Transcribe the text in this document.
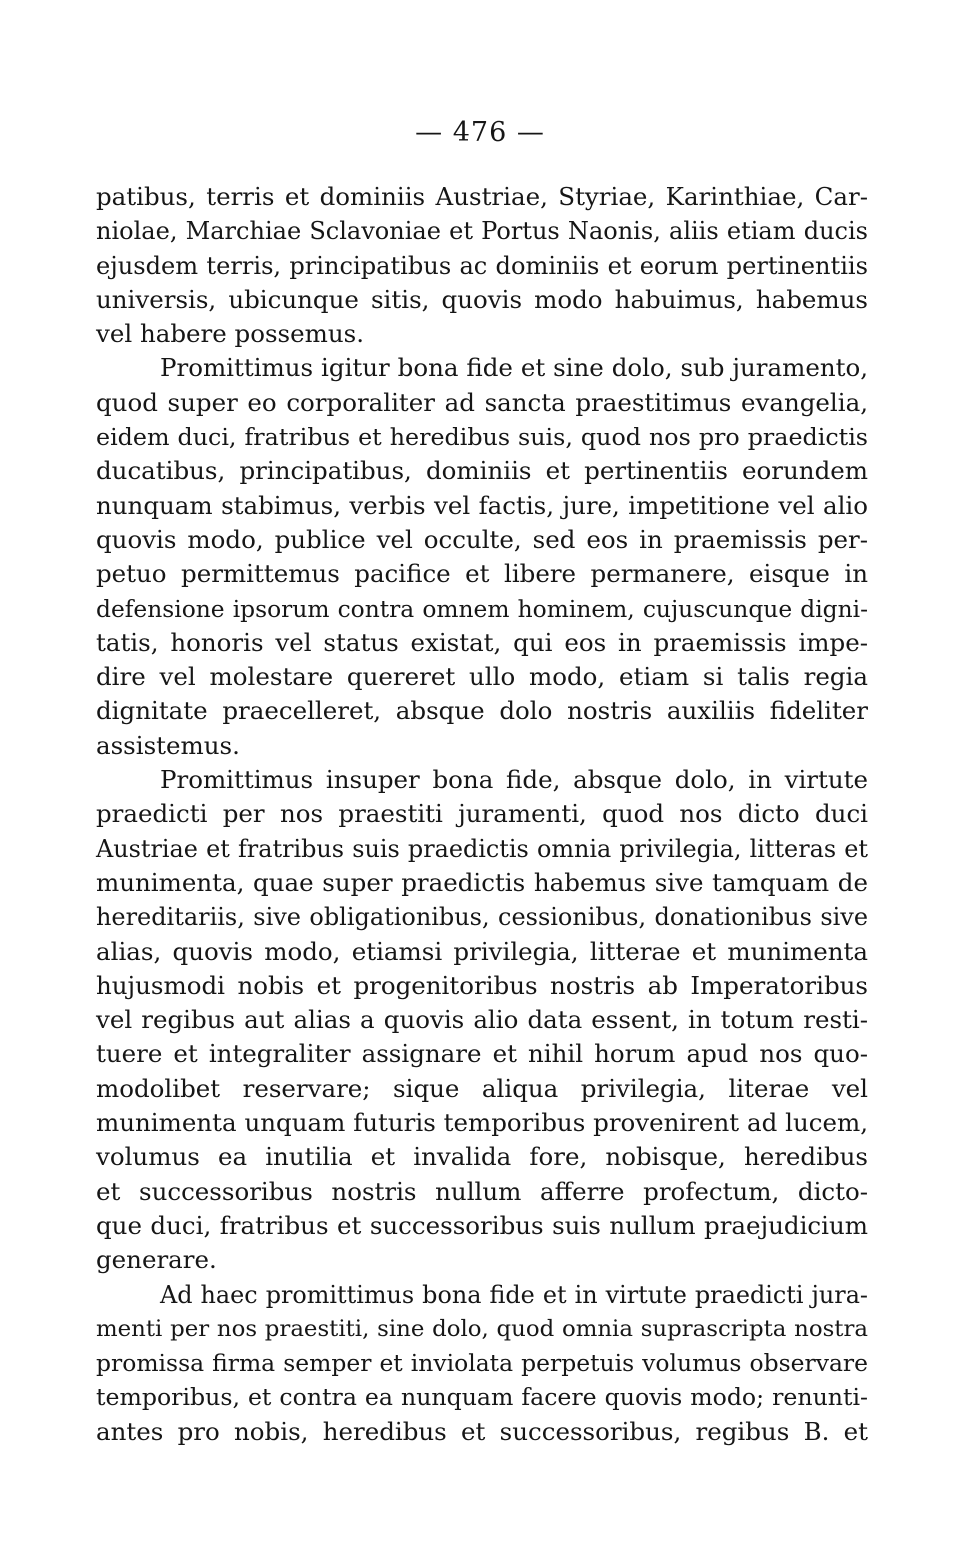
— 476 —
patibus, terris et dominiis Austriae, Styriae, Karinthiae, Car-
niolae, Marchiae Sclavoniae et Portus Naonis, aliis etiam ducis
ejusdem terris, principatibus ac dominiis et eorum pertinentiis
universis, ubicunque sitis, quovis modo habuimus, habemus
vel habere possemus.
Promittimus igitur bona fide et sine dolo, sub juramento,
quod super eo corporaliter ad sancta praestitimus evangelia,
eidem duci, fratribus et heredibus suis, quod nos pro praedictis
ducatibus, principatibus, dominiis et pertinentiis eorundem
nunquam stabimus, verbis vel factis, jure, impetitione vel alio
quovis modo, publice vel occulte, sed eos in praemissis per-
petuo permittemus pacifice et libere permanere, eisque in
defensione ipsorum contra omnem hominem, cujuscunque digni-
tatis, honoris vel status existat, qui eos in praemissis impe-
dire vel molestare quereret ullo modo, etiam si talis regia
dignitate praecelleret, absque dolo nostris auxiliis fideliter
assistemus.
Promittimus insuper bona fide, absque dolo, in virtute
praedicti per nos praestiti juramenti, quod nos dicto duci
Austriae et fratribus suis praedictis omnia privilegia, litteras et
munimenta, quae super praedictis habemus sive tamquam de
hereditariis, sive obligationibus, cessionibus, donationibus sive
alias, quovis modo, etiamsi privilegia, litterae et munimenta
hujusmodi nobis et progenitoribus nostris ab Imperatoribus
vel regibus aut alias a quovis alio data essent, in totum resti-
tuere et integraliter assignare et nihil horum apud nos quo-
modolibet reservare; sique aliqua privilegia, literae vel
munimenta unquam futuris temporibus provenirent ad lucem,
volumus ea inutilia et invalida fore, nobisque, heredibus
et successoribus nostris nullum afferre profectum, dicto-
que duci, fratribus et successoribus suis nullum praejudicium
generare.
Ad haec promittimus bona fide et in virtute praedicti jura-
menti per nos praestiti, sine dolo, quod omnia suprascripta nostra
promissa firma semper et inviolata perpetuis volumus observare
temporibus, et contra ea nunquam facere quovis modo; renunti-
antes pro nobis, heredibus et successoribus, regibus B. et
